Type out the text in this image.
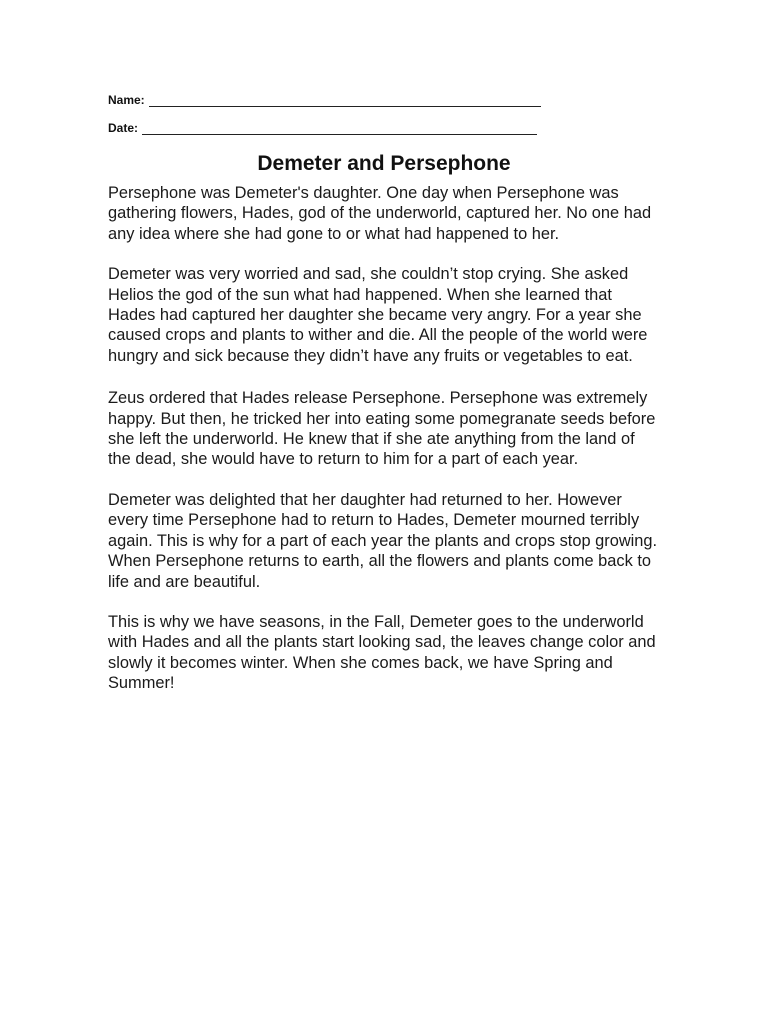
Name:
Date:
Demeter and Persephone

Persephone was Demeter's daughter. One day when Persephone was gathering flowers, Hades, god of the underworld, captured her. No one had any idea where she had gone to or what had happened to her.

Demeter was very worried and sad, she couldn’t stop crying. She asked Helios the god of the sun what had happened. When she learned that Hades had captured her daughter she became very angry. For a year she caused crops and plants to wither and die. All the people of the world were hungry and sick because they didn’t have any fruits or vegetables to eat.

Zeus ordered that Hades release Persephone. Persephone was extremely happy. But then, he tricked her into eating some pomegranate seeds before she left the underworld. He knew that if she ate anything from the land of the dead, she would have to return to him for a part of each year.

Demeter was delighted that her daughter had returned to her. However every time Persephone had to return to Hades, Demeter mourned terribly again. This is why for a part of each year the plants and crops stop growing. When Persephone returns to earth, all the flowers and plants come back to life and are beautiful.

This is why we have seasons, in the Fall, Demeter goes to the underworld with Hades and all the plants start looking sad, the leaves change color and slowly it becomes winter. When she comes back, we have Spring and Summer!
